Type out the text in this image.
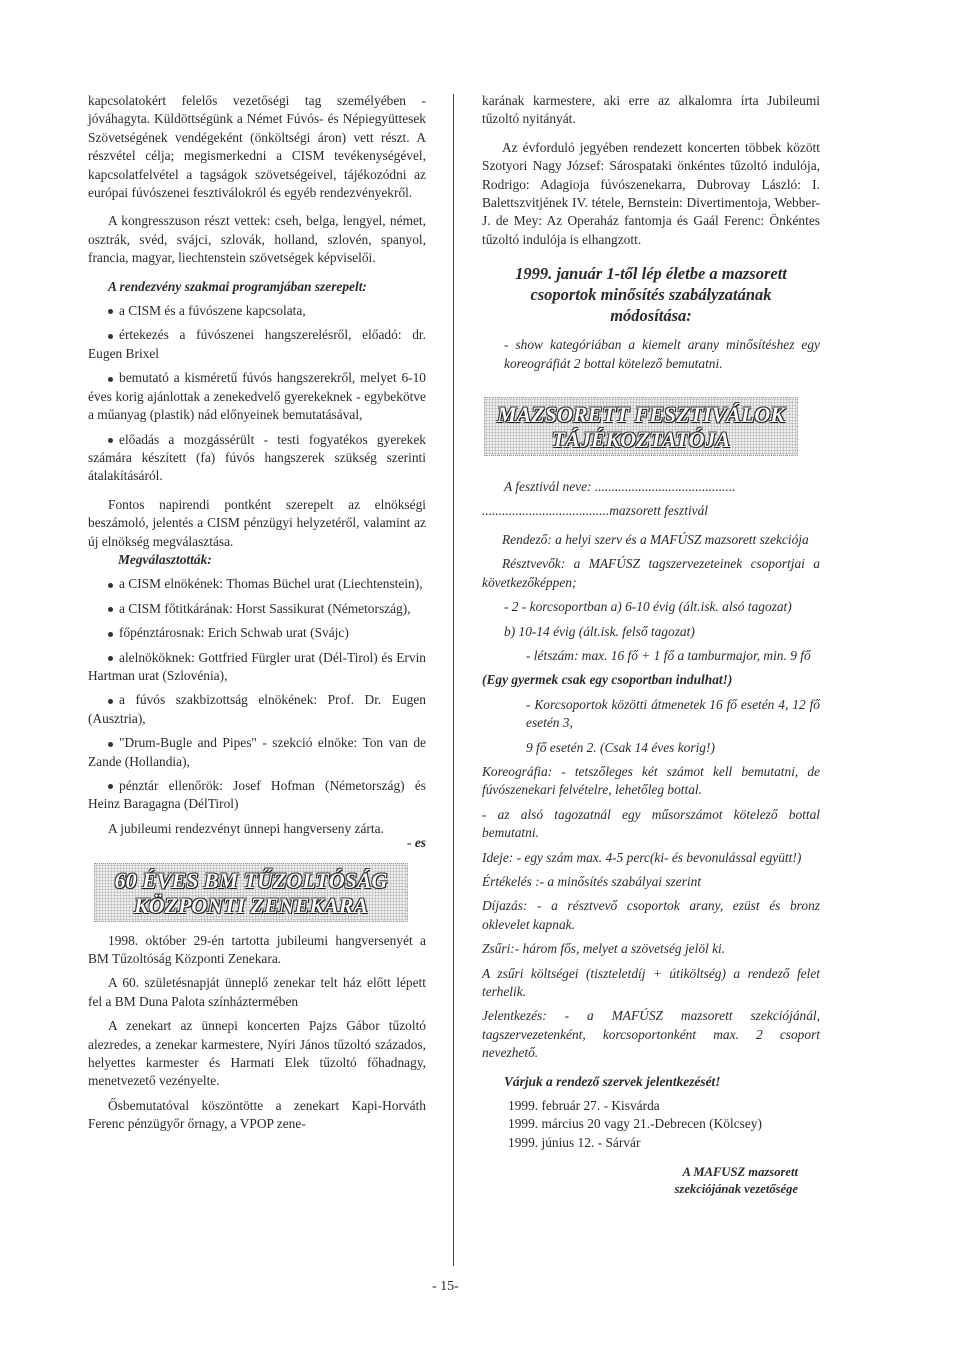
kapcsolatokért felelős vezetőségi tag személyében - jóváhagyta. Küldöttségünk a Német Fúvós- és Népiegyüttesek Szövetségének vendégeként (önköltségi áron) vett részt. A részvétel célja; megismerkedni a CISM tevékenységével, kapcsolatfelvétel a tagságok szövetségeivel, tájékozódni az európai fúvószenei fesztiválokról és egyéb rendezvényekről.

A kongresszuson részt vettek: cseh, belga, lengyel, német, osztrák, svéd, svájci, szlovák, holland, szlovén, spanyol, francia, magyar, liechtenstein szövetségek képviselői.

A rendezvény szakmai programjában szerepelt:

a CISM és a fúvószene kapcsolata,

értekezés a fúvószenei hangszerelésről, előadó: dr. Eugen Brixel

bemutató a kisméretű fúvós hangszerekről, melyet 6-10 éves korig ajánlottak a zenekedvelő gyerekeknek - egybekötve a műanyag (plastik) nád előnyeinek bemutatásával,

előadás a mozgássérült - testi fogyatékos gyerekek számára készített (fa) fúvós hangszerek szükség szerinti átalakításáról.

Fontos napirendi pontként szerepelt az elnökségi beszámoló, jelentés a CISM pénzügyi helyzetéről, valamint az új elnökség megválasztása.

Megválasztották:

a CISM elnökének: Thomas Büchel urat (Liechtenstein),

a CISM főtitkárának: Horst Sassikurat (Németország),

főpénztárosnak: Erich Schwab urat (Svájc)

alelnököknek: Gottfried Fürgler urat (Dél-Tirol) és Ervin Hartman urat (Szlovénia),

a fúvós szakbizottság elnökének: Prof. Dr. Eugen (Ausztria),

"Drum-Bugle and Pipes" - szekció elnöke: Ton van de Zande (Hollandia),

pénztár ellenőrök: Josef Hofman (Németország) és Heinz Baragagna (DélTirol)

A jubileumi rendezvényt ünnepi hangverseny zárta.

- es

60 ÉVES BM TŰZOLTÓSÁG
KÖZPONTI ZENEKARA

1998. október 29-én tartotta jubileumi hangversenyét a BM Tűzoltóság Központi Zenekara.

A 60. születésnapját ünneplő zenekar telt ház előtt lépett fel a BM Duna Palota színháztermében

A zenekart az ünnepi koncerten Pajzs Gábor tűzoltó alezredes, a zenekar karmestere, Nyíri János tűzoltó százados, helyettes karmester és Harmati Elek tűzoltó főhadnagy, menetvezető vezényelte.

Ősbemutatóval köszöntötte a zenekart Kapi-Horváth Ferenc pénzügyőr őrnagy, a VPOP zene-

karának karmestere, aki erre az alkalomra írta Jubileumi tűzoltó nyitányát.

Az évforduló jegyében rendezett koncerten többek között Szotyori Nagy József: Sárospataki önkéntes tűzoltó indulója, Rodrigo: Adagioja fúvószenekarra, Dubrovay László: I. Balettszvitjének IV. tétele, Bernstein: Divertimentoja, Webber-J. de Mey: Az Operaház fantomja és Gaál Ferenc: Önkéntes tűzoltó indulója is elhangzott.

1999. január 1-től lép életbe a mazsorett
csoportok minősítés szabályzatának
módosítása:

- show kategóriában a kiemelt arany minősítéshez egy koreográfiát 2 bottal kötelező bemutatni.

MAZSORETT FESZTIVÁLOK
TÁJÉKOZTATÓJA

A fesztivál neve: ..........................................

......................................mazsorett fesztivál

Rendező: a helyi szerv és a MAFÚSZ mazsorett szekciója

Résztvevők: a MAFÚSZ tagszervezeteinek csoportjai a következőképpen;

- 2 - korcsoportban a) 6-10 évig (ált.isk. alsó tagozat)

b) 10-14 évig (ált.isk. felső tagozat)

- létszám: max. 16 fő + 1 fő a tamburmajor, min. 9 fő

(Egy gyermek csak egy csoportban indulhat!)

- Korcsoportok közötti átmenetek 16 fő esetén 4, 12 fő esetén 3,

9 fő esetén 2. (Csak 14 éves korig!)

Koreográfia: - tetszőleges két számot kell bemutatni, de fúvószenekari felvételre, lehetőleg bottal.

- az alsó tagozatnál egy műsorszámot kötelező bottal bemutatni.

Ideje: - egy szám max. 4-5 perc(ki- és bevonulással együtt!)

Értékelés :- a minősítés szabályai szerint

Díjazás: - a résztvevő csoportok arany, ezüst és bronz oklevelet kapnak.

Zsűri:- három fős, melyet a szövetség jelöl ki.

A zsűri költségei (tiszteletdíj + útiköltség) a rendező felet terhelik.

Jelentkezés: - a MAFÚSZ mazsorett szekciójánál, tagszervezetenként, korcsoportonként max. 2 csoport nevezhető.

Várjuk a rendező szervek jelentkezését!

1999. február 27. - Kisvárda

1999. március 20 vagy 21.-Debrecen (Kölcsey)

1999. június 12. - Sárvár

A MAFUSZ mazsorett
szekciójának vezetősége
- 15-
